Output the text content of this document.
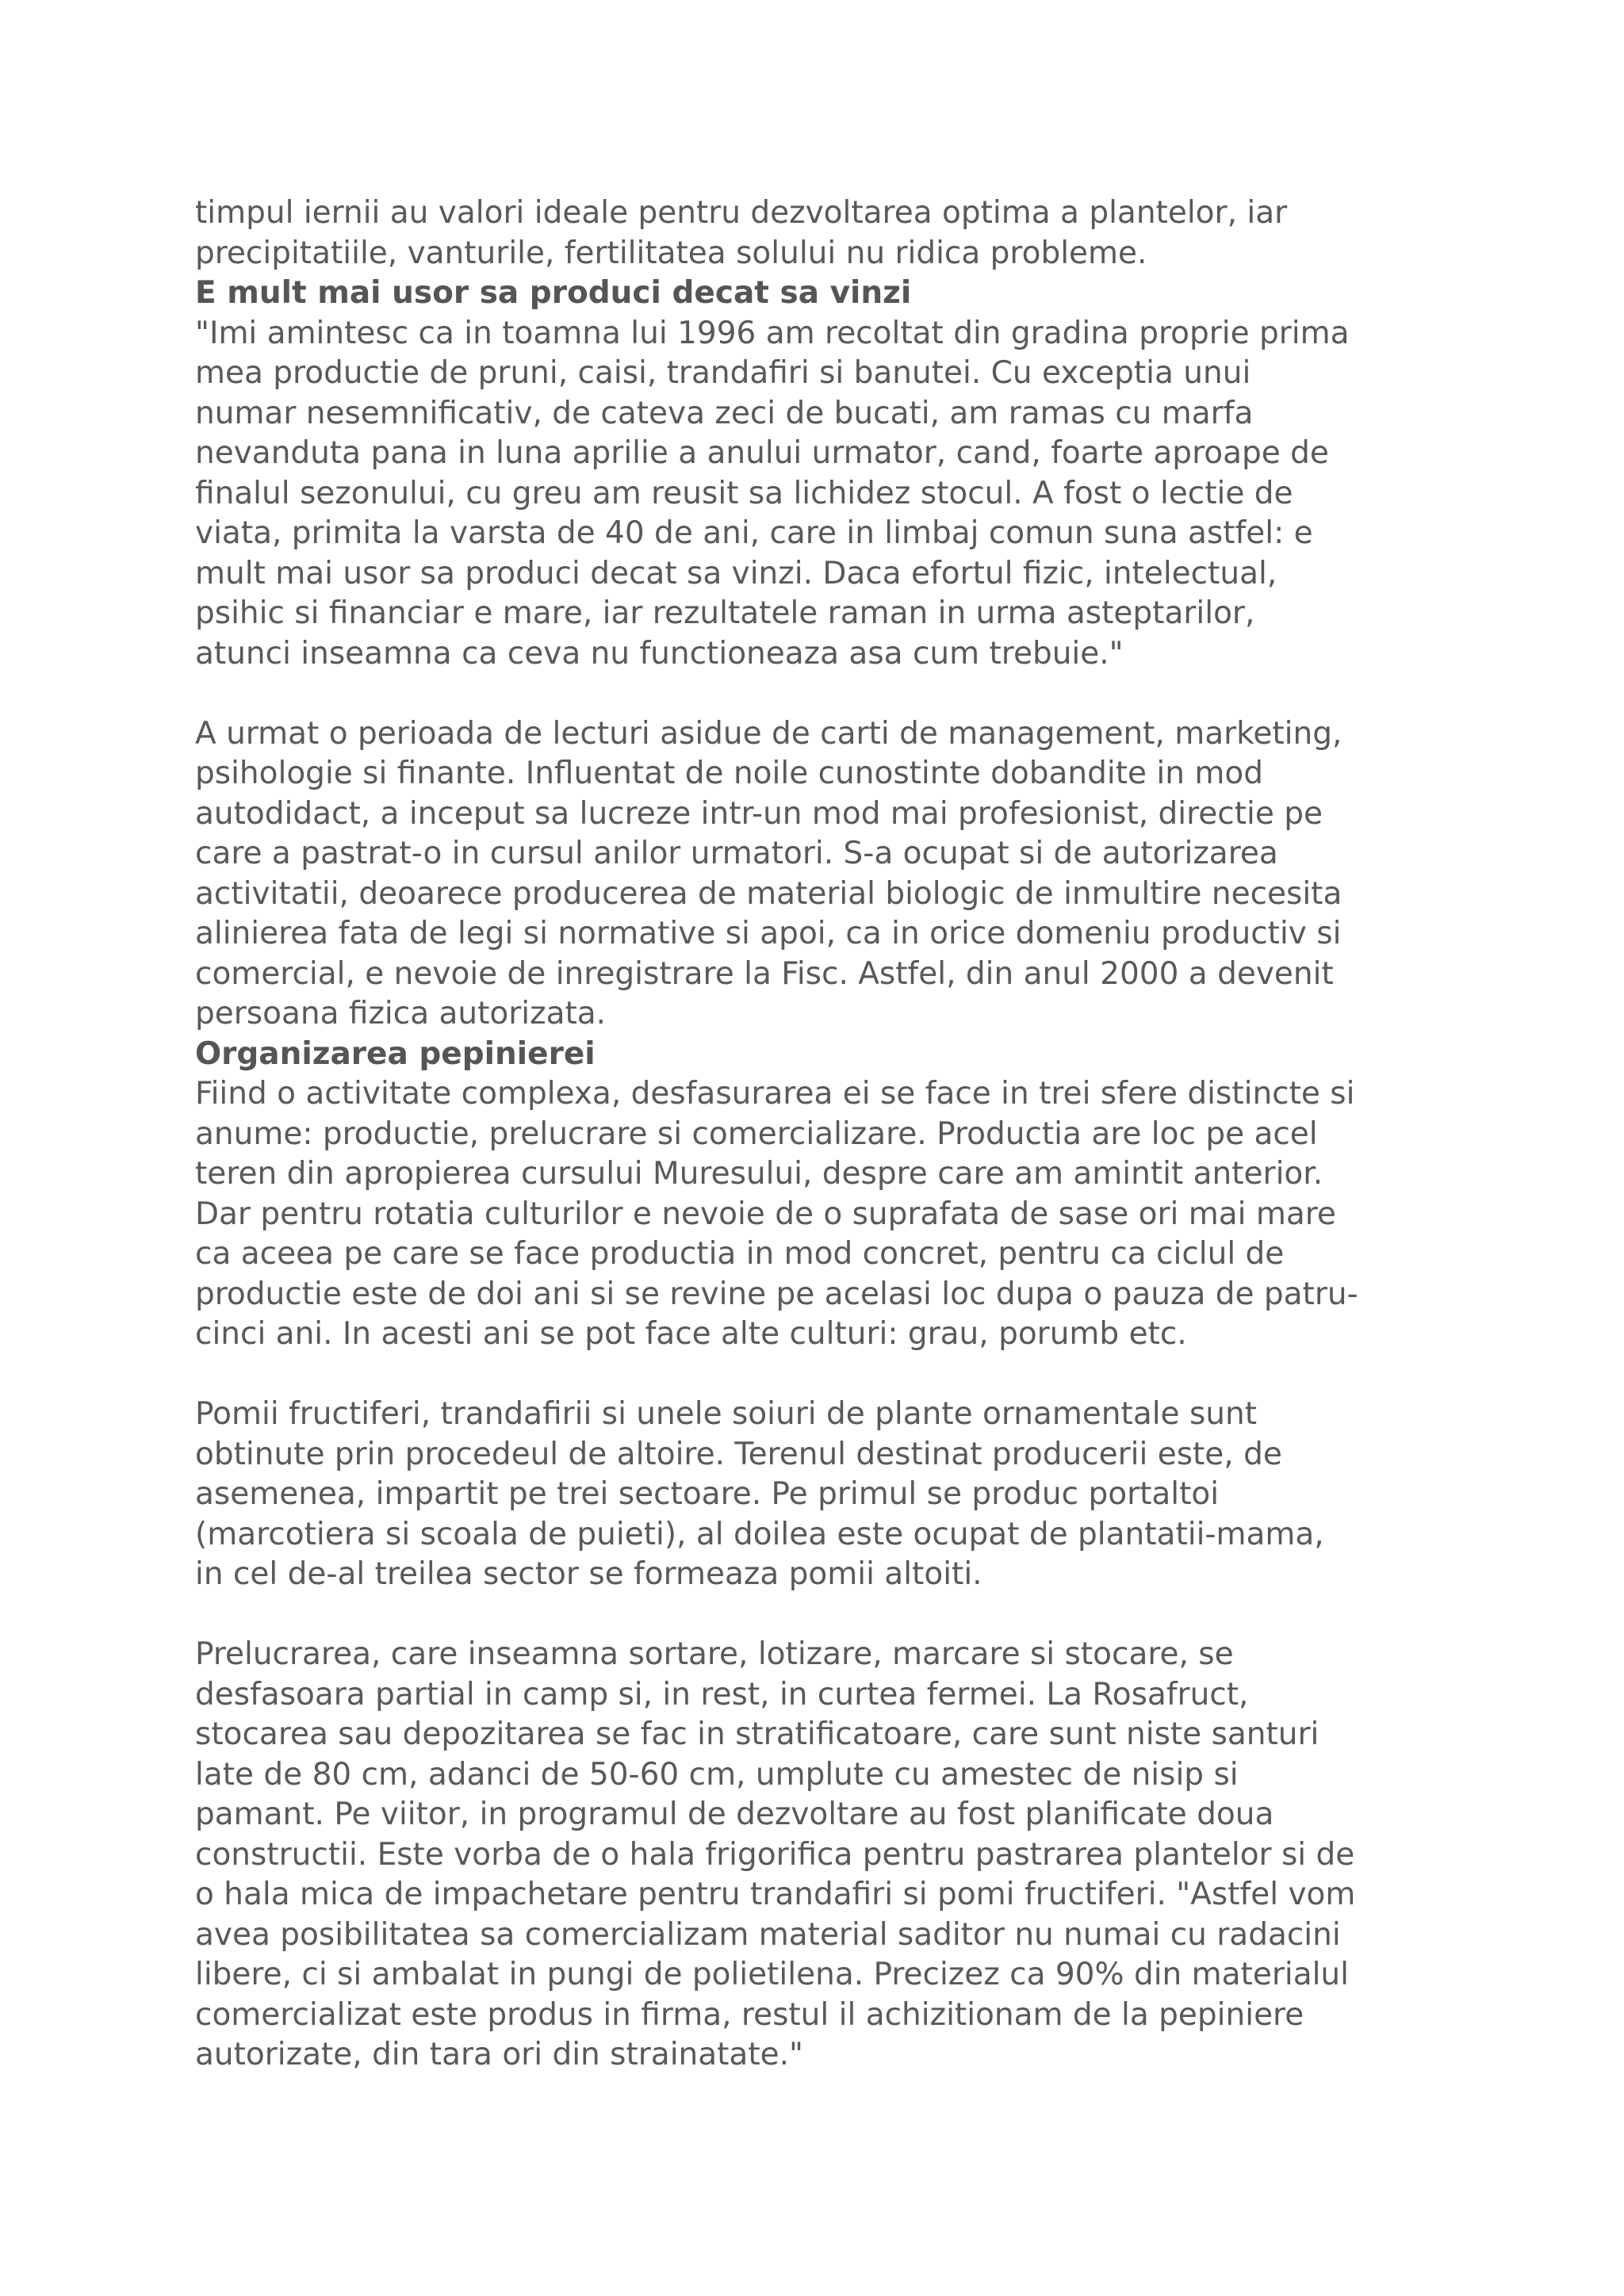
timpul iernii au valori ideale pentru dezvoltarea optima a plantelor, iar
precipitatiile, vanturile, fertilitatea solului nu ridica probleme.

E mult mai usor sa produci decat sa vinzi

"Imi amintesc ca in toamna lui 1996 am recoltat din gradina proprie prima
mea productie de pruni, caisi, trandafiri si banutei. Cu exceptia unui
numar nesemnificativ, de cateva zeci de bucati, am ramas cu marfa
nevanduta pana in luna aprilie a anului urmator, cand, foarte aproape de
finalul sezonului, cu greu am reusit sa lichidez stocul. A fost o lectie de
viata, primita la varsta de 40 de ani, care in limbaj comun suna astfel: e
mult mai usor sa produci decat sa vinzi. Daca efortul fizic, intelectual,
psihic si financiar e mare, iar rezultatele raman in urma asteptarilor,
atunci inseamna ca ceva nu functioneaza asa cum trebuie."

A urmat o perioada de lecturi asidue de carti de management, marketing,
psihologie si finante. Influentat de noile cunostinte dobandite in mod
autodidact, a inceput sa lucreze intr-un mod mai profesionist, directie pe
care a pastrat-o in cursul anilor urmatori. S-a ocupat si de autorizarea
activitatii, deoarece producerea de material biologic de inmultire necesita
alinierea fata de legi si normative si apoi, ca in orice domeniu productiv si
comercial, e nevoie de inregistrare la Fisc. Astfel, din anul 2000 a devenit
persoana fizica autorizata.

Organizarea pepinierei

Fiind o activitate complexa, desfasurarea ei se face in trei sfere distincte si
anume: productie, prelucrare si comercializare. Productia are loc pe acel
teren din apropierea cursului Muresului, despre care am amintit anterior.
Dar pentru rotatia culturilor e nevoie de o suprafata de sase ori mai mare
ca aceea pe care se face productia in mod concret, pentru ca ciclul de
productie este de doi ani si se revine pe acelasi loc dupa o pauza de patru-
cinci ani. In acesti ani se pot face alte culturi: grau, porumb etc.

Pomii fructiferi, trandafirii si unele soiuri de plante ornamentale sunt
obtinute prin procedeul de altoire. Terenul destinat producerii este, de
asemenea, impartit pe trei sectoare. Pe primul se produc portaltoi
(marcotiera si scoala de puieti), al doilea este ocupat de plantatii-mama,
in cel de-al treilea sector se formeaza pomii altoiti.

Prelucrarea, care inseamna sortare, lotizare, marcare si stocare, se
desfasoara partial in camp si, in rest, in curtea fermei. La Rosafruct,
stocarea sau depozitarea se fac in stratificatoare, care sunt niste santuri
late de 80 cm, adanci de 50-60 cm, umplute cu amestec de nisip si
pamant. Pe viitor, in programul de dezvoltare au fost planificate doua
constructii. Este vorba de o hala frigorifica pentru pastrarea plantelor si de
o hala mica de impachetare pentru trandafiri si pomi fructiferi. "Astfel vom
avea posibilitatea sa comercializam material saditor nu numai cu radacini
libere, ci si ambalat in pungi de polietilena. Precizez ca 90% din materialul
comercializat este produs in firma, restul il achizitionam de la pepiniere
autorizate, din tara ori din strainatate."
